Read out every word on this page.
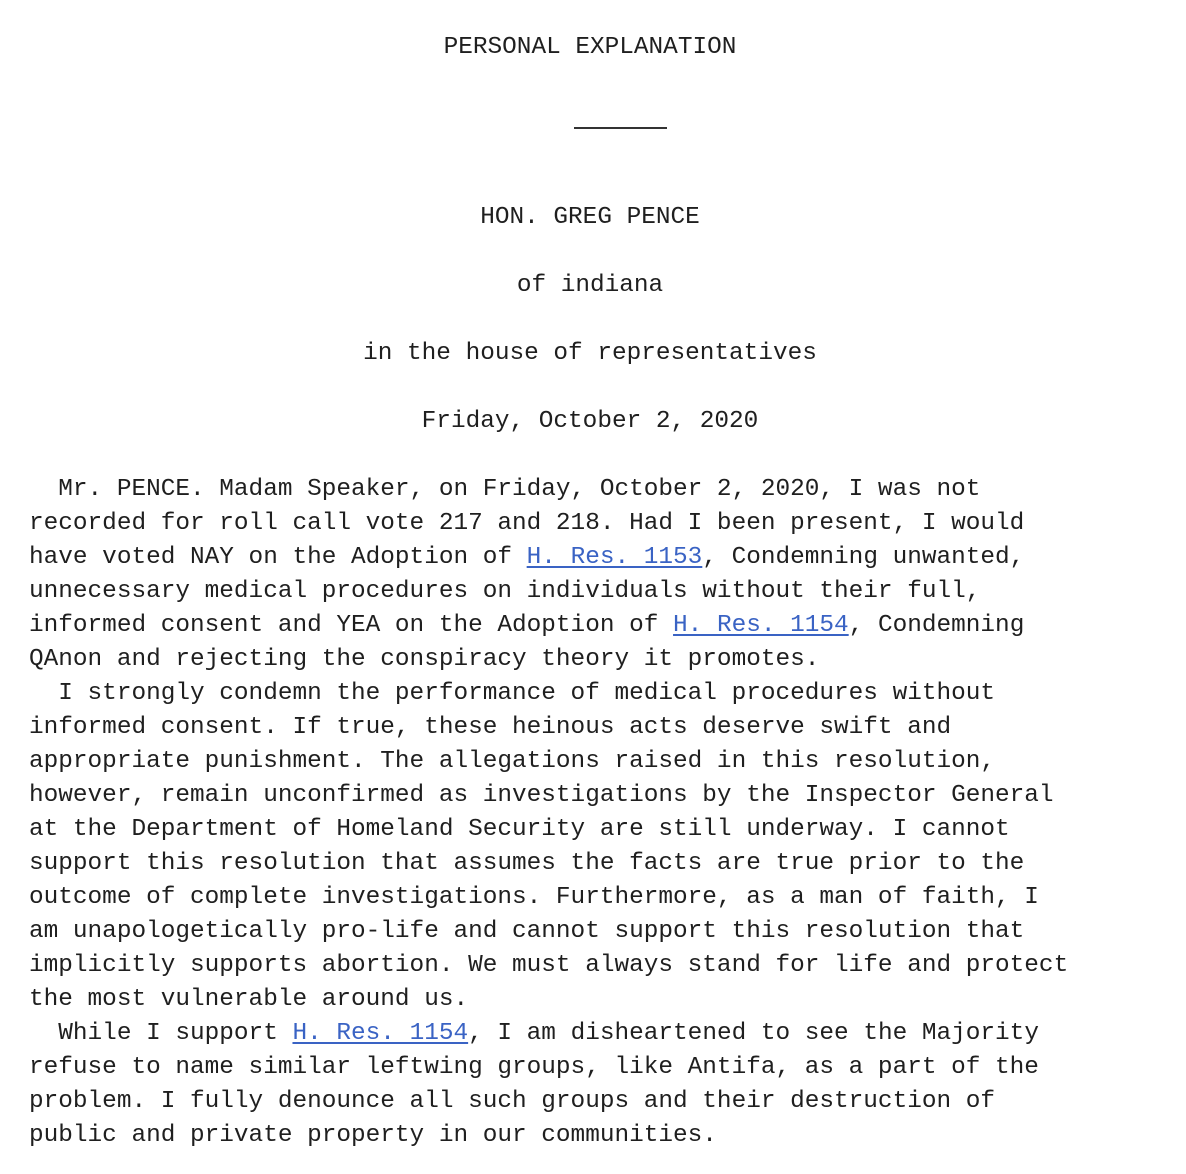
PERSONAL EXPLANATION
HON. GREG PENCE
of indiana
in the house of representatives
Friday, October 2, 2020
Mr. PENCE. Madam Speaker, on Friday, October 2, 2020, I was not
recorded for roll call vote 217 and 218. Had I been present, I would
have voted NAY on the Adoption of H. Res. 1153, Condemning unwanted,
unnecessary medical procedures on individuals without their full,
informed consent and YEA on the Adoption of H. Res. 1154, Condemning
QAnon and rejecting the conspiracy theory it promotes.
I strongly condemn the performance of medical procedures without
informed consent. If true, these heinous acts deserve swift and
appropriate punishment. The allegations raised in this resolution,
however, remain unconfirmed as investigations by the Inspector General
at the Department of Homeland Security are still underway. I cannot
support this resolution that assumes the facts are true prior to the
outcome of complete investigations. Furthermore, as a man of faith, I
am unapologetically pro-life and cannot support this resolution that
implicitly supports abortion. We must always stand for life and protect
the most vulnerable around us.
While I support H. Res. 1154, I am disheartened to see the Majority
refuse to name similar leftwing groups, like Antifa, as a part of the
problem. I fully denounce all such groups and their destruction of
public and private property in our communities.
